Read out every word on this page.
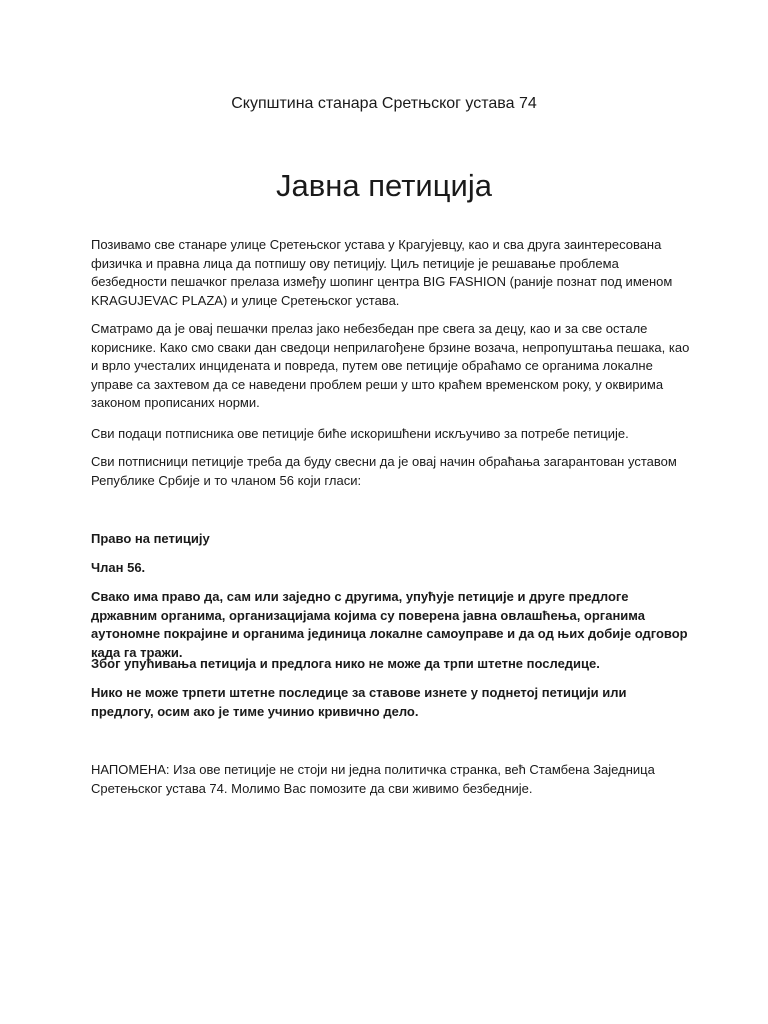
Скупштина станара Сретњског устава 74
Јавна петиција

Позивамо све станаре улице Сретењског устава у Крагујевцу, као и сва друга заинтересована физичка и правна лица да потпишу ову петицију. Циљ петиције је решавање проблема безбедности пешачког прелаза између шопинг центра BIG FASHION (раније познат под именом KRAGUJEVAC PLAZA) и улице Сретењског устава.

Сматрамо да је овај пешачки прелаз јако небезбедан пре свега за децу, као и за све остале кориснике. Како смо сваки дан сведоци неприлагођене брзине возача, непропуштања пешака, као и врло учесталих инцидената и повреда, путем ове петиције обраћамо се органима локалне управе са захтевом да се наведени проблем реши у што краћем временском року, у оквирима законом прописаних норми.

Сви подаци потписника ове петиције биће искоришћени искључиво за потребе петиције.

Сви потписници петиције треба да буду свесни да је овај начин обраћања загарантован уставом Републике Србије и то чланом 56 који гласи:

Право на петицију

Члан 56.

Свако има право да, сам или заједно с другима, упућује петиције и друге предлоге државним органима, организацијама којима су поверена јавна овлашћења, органима аутономне покрајине и органима јединица локалне самоуправе и да од њих добије одговор када га тражи.

Због упућивања петиција и предлога нико не може да трпи штетне последице.

Нико не може трпети штетне последице за ставове изнете у поднетој петицији или предлогу, осим ако је тиме учинио кривично дело.

НАПОМЕНА: Иза ове петиције не стоји ни једна политичка странка, већ Стамбена Заједница Сретењског устава 74. Молимо Вас помозите да сви живимо безбедније.
